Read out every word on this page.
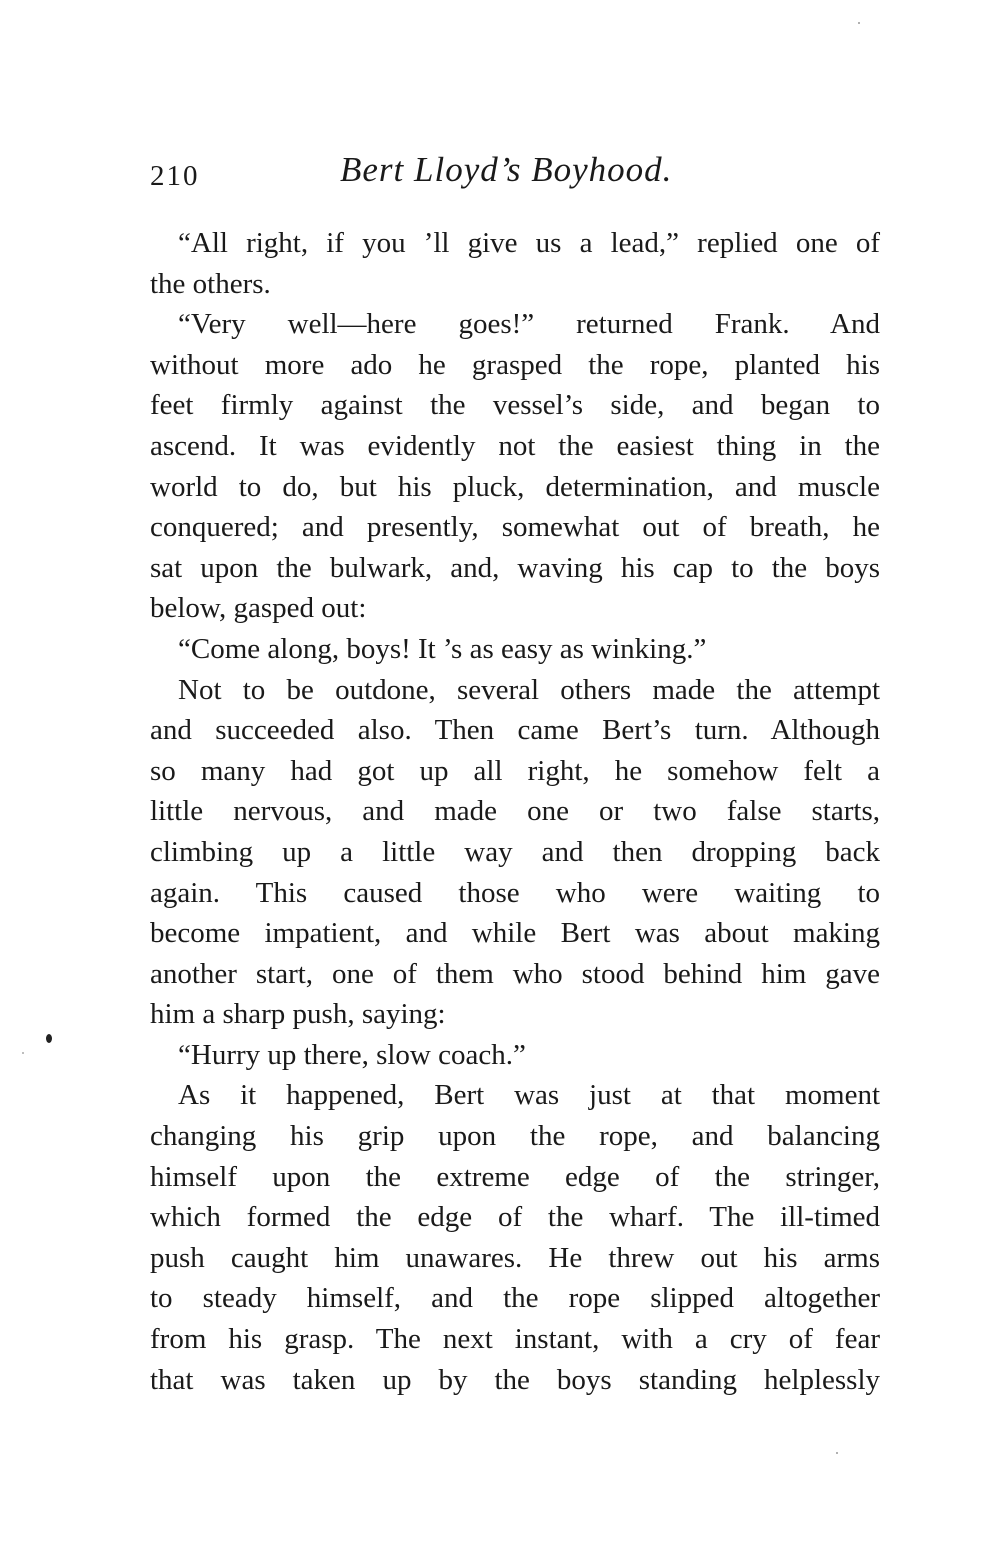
210	Bert Lloyd’s Boyhood.
“All right, if you ’ll give us a lead,” replied one of
the others.
“Very well—here goes!” returned Frank. And
without more ado he grasped the rope, planted his
feet firmly against the vessel’s side, and began to
ascend. It was evidently not the easiest thing in the
world to do, but his pluck, determination, and muscle
conquered; and presently, somewhat out of breath, he
sat upon the bulwark, and, waving his cap to the boys
below, gasped out:
“Come along, boys! It ’s as easy as winking.”
Not to be outdone, several others made the attempt
and succeeded also. Then came Bert’s turn. Although
so many had got up all right, he somehow felt a
little nervous, and made one or two false starts,
climbing up a little way and then dropping back
again. This caused those who were waiting to
become impatient, and while Bert was about making
another start, one of them who stood behind him gave
him a sharp push, saying:
“Hurry up there, slow coach.”
As it happened, Bert was just at that moment
changing his grip upon the rope, and balancing
himself upon the extreme edge of the stringer,
which formed the edge of the wharf. The ill-timed
push caught him unawares. He threw out his arms
to steady himself, and the rope slipped altogether
from his grasp. The next instant, with a cry of fear
that was taken up by the boys standing helplessly
